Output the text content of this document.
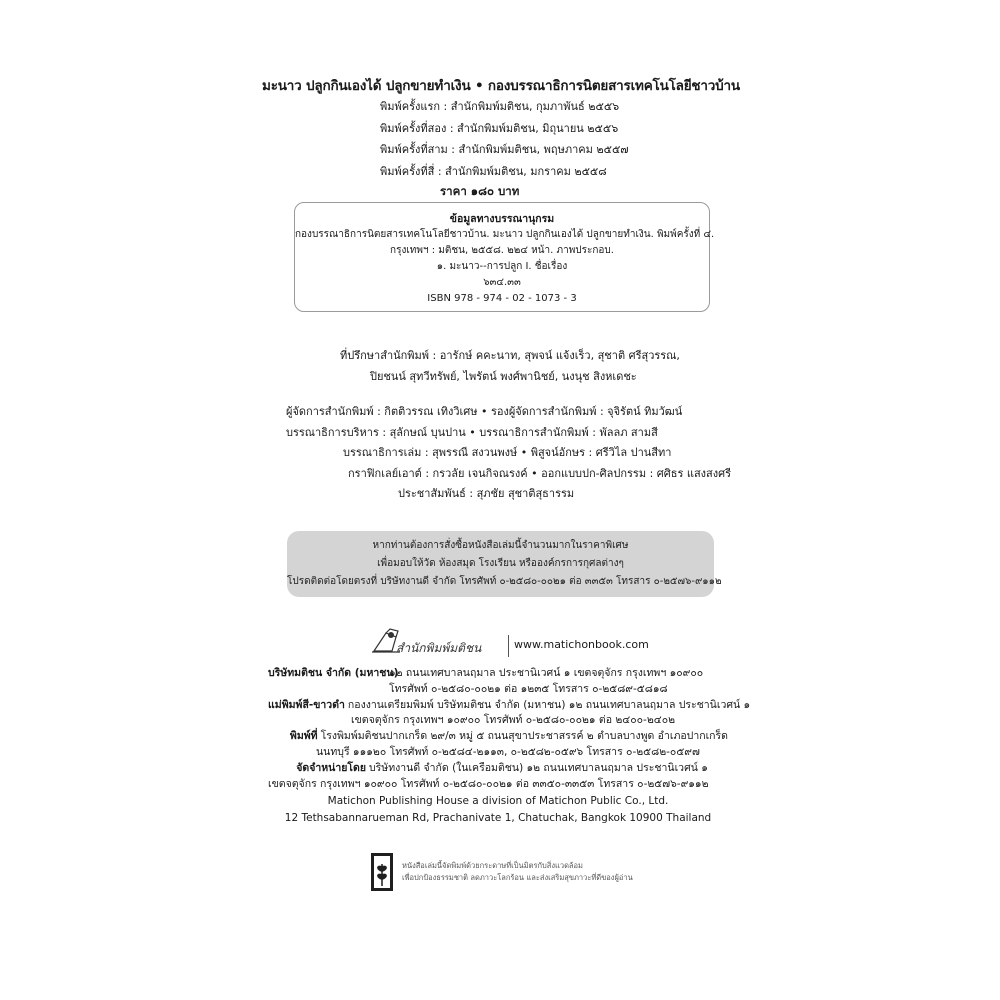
มะนาว ปลูกกินเองได้ ปลูกขายทำเงิน • กองบรรณาธิการนิตยสารเทคโนโลยีชาวบ้าน
พิมพ์ครั้งแรก : สำนักพิมพ์มติชน, กุมภาพันธ์ ๒๕๕๖
พิมพ์ครั้งที่สอง : สำนักพิมพ์มติชน, มิถุนายน ๒๕๕๖
พิมพ์ครั้งที่สาม : สำนักพิมพ์มติชน, พฤษภาคม ๒๕๕๗
พิมพ์ครั้งที่สี่ : สำนักพิมพ์มติชน, มกราคม ๒๕๕๘
ราคา ๑๘๐ บาท
ข้อมูลทางบรรณานุกรม
กองบรรณาธิการนิตยสารเทคโนโลยีชาวบ้าน. มะนาว ปลูกกินเองได้ ปลูกขายทำเงิน. พิมพ์ครั้งที่ ๔.
กรุงเทพฯ : มติชน, ๒๕๕๘. ๒๒๔ หน้า. ภาพประกอบ.
๑. มะนาว--การปลูก I. ชื่อเรื่อง
๖๓๔.๓๓
ISBN 978 - 974 - 02 - 1073 - 3
ที่ปรึกษาสำนักพิมพ์ : อารักษ์ คคะนาท, สุพจน์ แจ้งเร็ว, สุชาติ ศรีสุวรรณ,
ปิยชนน์ สุทวีทรัพย์, ไพรัตน์ พงศ์พานิชย์, นงนุช สิงหเดชะ
ผู้จัดการสำนักพิมพ์ : กิตติวรรณ เทิงวิเศษ • รองผู้จัดการสำนักพิมพ์ : จุจิรัตน์ ทิมวัฒน์
บรรณาธิการบริหาร : สุลักษณ์ บุนปาน • บรรณาธิการสำนักพิมพ์ : พัลลภ สามสี
บรรณาธิการเล่ม : สุพรรณี สงวนพงษ์ • พิสูจน์อักษร : ศรีวิไล ปานสีทา
กราฟิกเลย์เอาต์ : กรวลัย เจนกิจณรงค์ • ออกแบบปก-ศิลปกรรม : ศศิธร แสงสงศรี
ประชาสัมพันธ์ : สุภชัย สุชาติสุธารรม
หากท่านต้องการสั่งซื้อหนังสือเล่มนี้จำนวนมากในราคาพิเศษ
เพื่อมอบให้วัด ห้องสมุด โรงเรียน หรือองค์กรการกุศลต่างๆ
โปรดติดต่อโดยตรงที่ บริษัทงานดี จำกัด โทรศัพท์ ๐-๒๕๘๐-๐๐๒๑ ต่อ ๓๓๕๓ โทรสาร ๐-๒๕๗๖-๙๑๑๒
สำนักพิมพ์มติชน	www.matichonbook.com
บริษัทมติชน จำกัด (มหาชน)
๑๒ ถนนเทศบาลนฤมาล ประชานิเวศน์ ๑ เขตจตุจักร กรุงเทพฯ ๑๐๙๐๐
โทรศัพท์ ๐-๒๕๘๐-๐๐๒๑ ต่อ ๑๒๓๕ โทรสาร ๐-๒๕๘๙-๕๘๑๘
แม่พิมพ์สี-ขาวดำ กองงานเตรียมพิมพ์ บริษัทมติชน จำกัด (มหาชน) ๑๒ ถนนเทศบาลนฤมาล ประชานิเวศน์ ๑
เขตจตุจักร กรุงเทพฯ ๑๐๙๐๐ โทรศัพท์ ๐-๒๕๘๐-๐๐๒๑ ต่อ ๒๔๐๐-๒๔๐๒
พิมพ์ที่ โรงพิมพ์มติชนปากเกร็ด ๒๙/๓ หมู่ ๕ ถนนสุขาประชาสรรค์ ๒ ตำบลบางพูด อำเภอปากเกร็ด
นนทบุรี ๑๑๑๒๐ โทรศัพท์ ๐-๒๕๘๔-๒๑๑๓, ๐-๒๕๘๒-๐๕๙๖ โทรสาร ๐-๒๕๘๒-๐๕๙๗
จัดจำหน่ายโดย บริษัทงานดี จำกัด (ในเครือมติชน) ๑๒ ถนนเทศบาลนฤมาล ประชานิเวศน์ ๑
เขตจตุจักร กรุงเทพฯ ๑๐๙๐๐ โทรศัพท์ ๐-๒๕๘๐-๐๐๒๑ ต่อ ๓๓๕๐-๓๓๕๓ โทรสาร ๐-๒๕๗๖-๙๑๑๒
Matichon Publishing House a division of Matichon Public Co., Ltd.
12 Tethsabannarueman Rd, Prachanivate 1, Chatuchak, Bangkok 10900 Thailand
หนังสือเล่มนี้จัดพิมพ์ด้วยกระดาษที่เป็นมิตรกับสิ่งแวดล้อม
เพื่อปกป้องธรรมชาติ ลดภาวะโลกร้อน และส่งเสริมสุขภาวะที่ดีของผู้อ่าน
